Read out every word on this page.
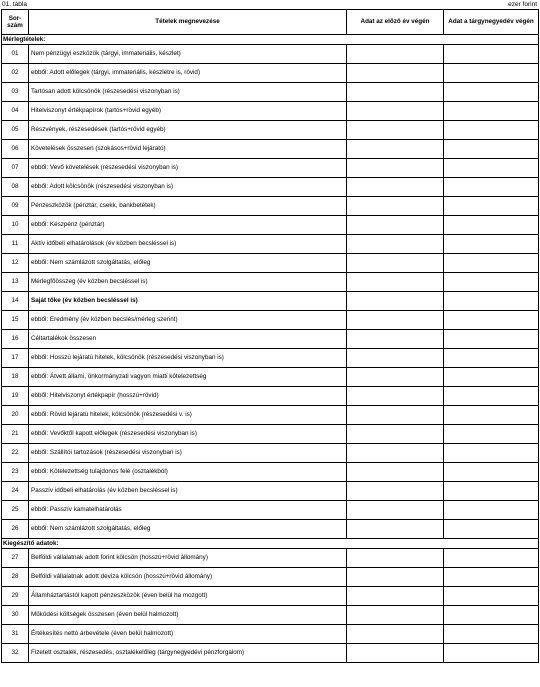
01. tábla	ezer forint
Sor-szám	Tételek megnevezése	Adat az előző év végén	Adat a tárgynegyedév végén
Mérlegtételek:			
01	Nem pénzügyi eszközök (tárgyi, immateriális, készlet)		
02	ebből: Adott előlegek (tárgyi, immateriális, készletre is, rövid)		
03	Tartósan adott kölcsönök (részesedési viszonyban is)		
04	Hitelviszonyt értékpapírok (tartós+rövid egyéb)		
05	Részvények, részesedések (tartós+rövid egyéb)		
06	Követelések összesen (szokásos+rövid lejárató)		
07	ebből: Vevő követelések (részesedési viszonyban is)		
08	ebből: Adott kölcsönök (részesedési viszonyban is)		
09	Pénzeszközök (pénztár, csekk, bankbetétek)		
10	ebből: Készpénz (pénztár)		
11	Aktív időbeli elhatárolások (év közben becsléssel is)		
12	ebből: Nem számlázott szolgáltatás, előleg		
13	Mérlegfőösszeg (év közben becsléssel is)		
14	Saját tőke (év közben becsléssel is)		
15	ebből: Eredmény (év közben becslés/mérleg szerint)		
16	Céltartalékok összesen		
17	ebből: Hosszú lejáratú hitelek, kölcsönök (részesedési viszonyban is)		
18	ebből: Átvett állami, önkormányzati vagyon miatti kötelezettség		
19	ebből: Hitelviszonyt értékpapír (hosszú+rövid)		
20	ebből: Rövid lejáratú hitelek, kölcsönök (részesedési v. is)		
21	ebből: Vevőktől kapott előlegek (részesedési viszonyban is)		
22	ebből: Szállítói tartozások (részesedési viszonyban is)		
23	ebből: Kötelezettség tulajdonos felé (osztalékból)		
24	Passzív időbeli elhatárolás (év közben becsléssel is)		
25	ebből: Passzív kamatelhatárolás		
26	ebből: Nem számlázott szolgáltatás, előleg		
Kiegészítő adatok:			
27	Belföldi vállalatnak adott forint kölcsön (hosszú+rövid állomány)		
28	Belföldi vállalatnak adott deviza kölcsön (hosszú+rövid állomány)		
29	Államháztartástól kapott pénzeszközök (éven belül ha mozgott)		
30	Működési költségek összesen (éven belül halmozott)		
31	Értékesítés nettó árbevétele (éven belül halmozott)		
32	Fizetett osztalék, részesedés, osztalékelőleg (tárgynegyedévi pénzforgalom)		
